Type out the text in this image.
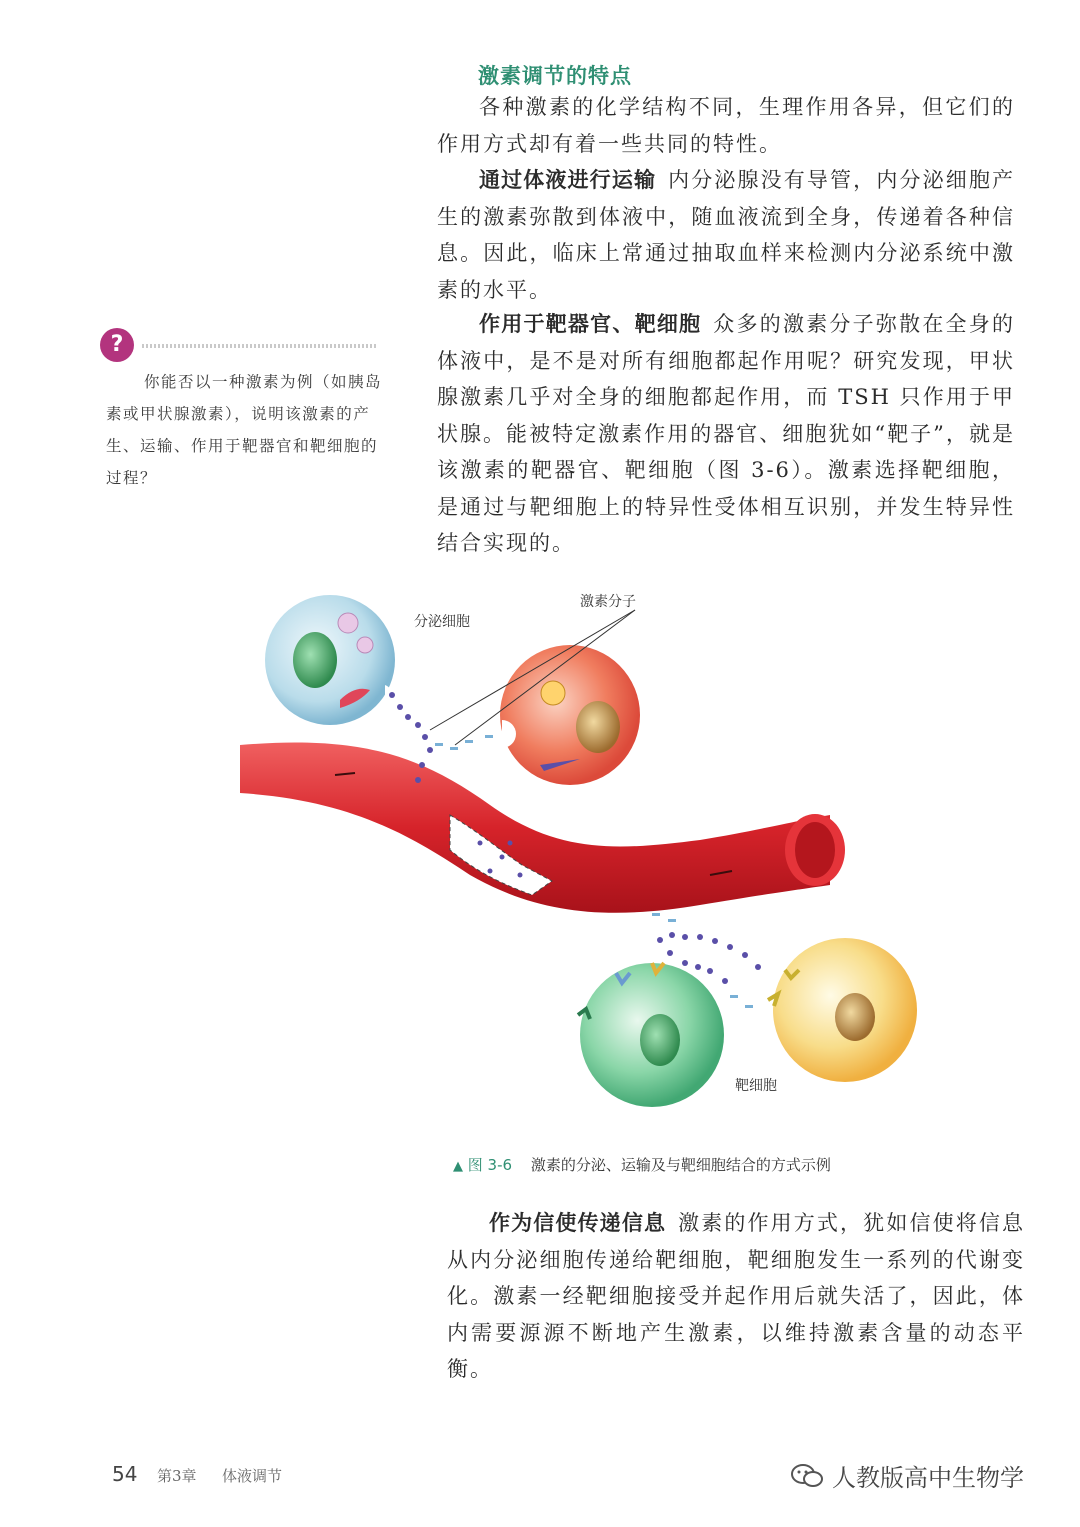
激素调节的特点

各种激素的化学结构不同，生理作用各异，但它们的作用方式却有着一些共同的特性。

通过体液进行运输 内分泌腺没有导管，内分泌细胞产生的激素弥散到体液中，随血液流到全身，传递着各种信息。因此，临床上常通过抽取血样来检测内分泌系统中激素的水平。

作用于靶器官、靶细胞 众多的激素分子弥散在全身的体液中，是不是对所有细胞都起作用呢？研究发现，甲状腺激素几乎对全身的细胞都起作用，而 TSH 只作用于甲状腺。能被特定激素作用的器官、细胞犹如“靶子”，就是该激素的靶器官、靶细胞（图 3-6）。激素选择靶细胞，是通过与靶细胞上的特异性受体相互识别，并发生特异性结合实现的。

?

你能否以一种激素为例（如胰岛素或甲状腺激素），说明该激素的产生、运输、作用于靶器官和靶细胞的过程？

分泌细胞
激素分子
靶细胞
▲ 图 3-6 激素的分泌、运输及与靶细胞结合的方式示例

作为信使传递信息 激素的作用方式，犹如信使将信息从内分泌细胞传递给靶细胞，靶细胞发生一系列的代谢变化。激素一经靶细胞接受并起作用后就失活了，因此，体内需要源源不断地产生激素，以维持激素含量的动态平衡。

54 第3章 体液调节	人教版高中生物学
